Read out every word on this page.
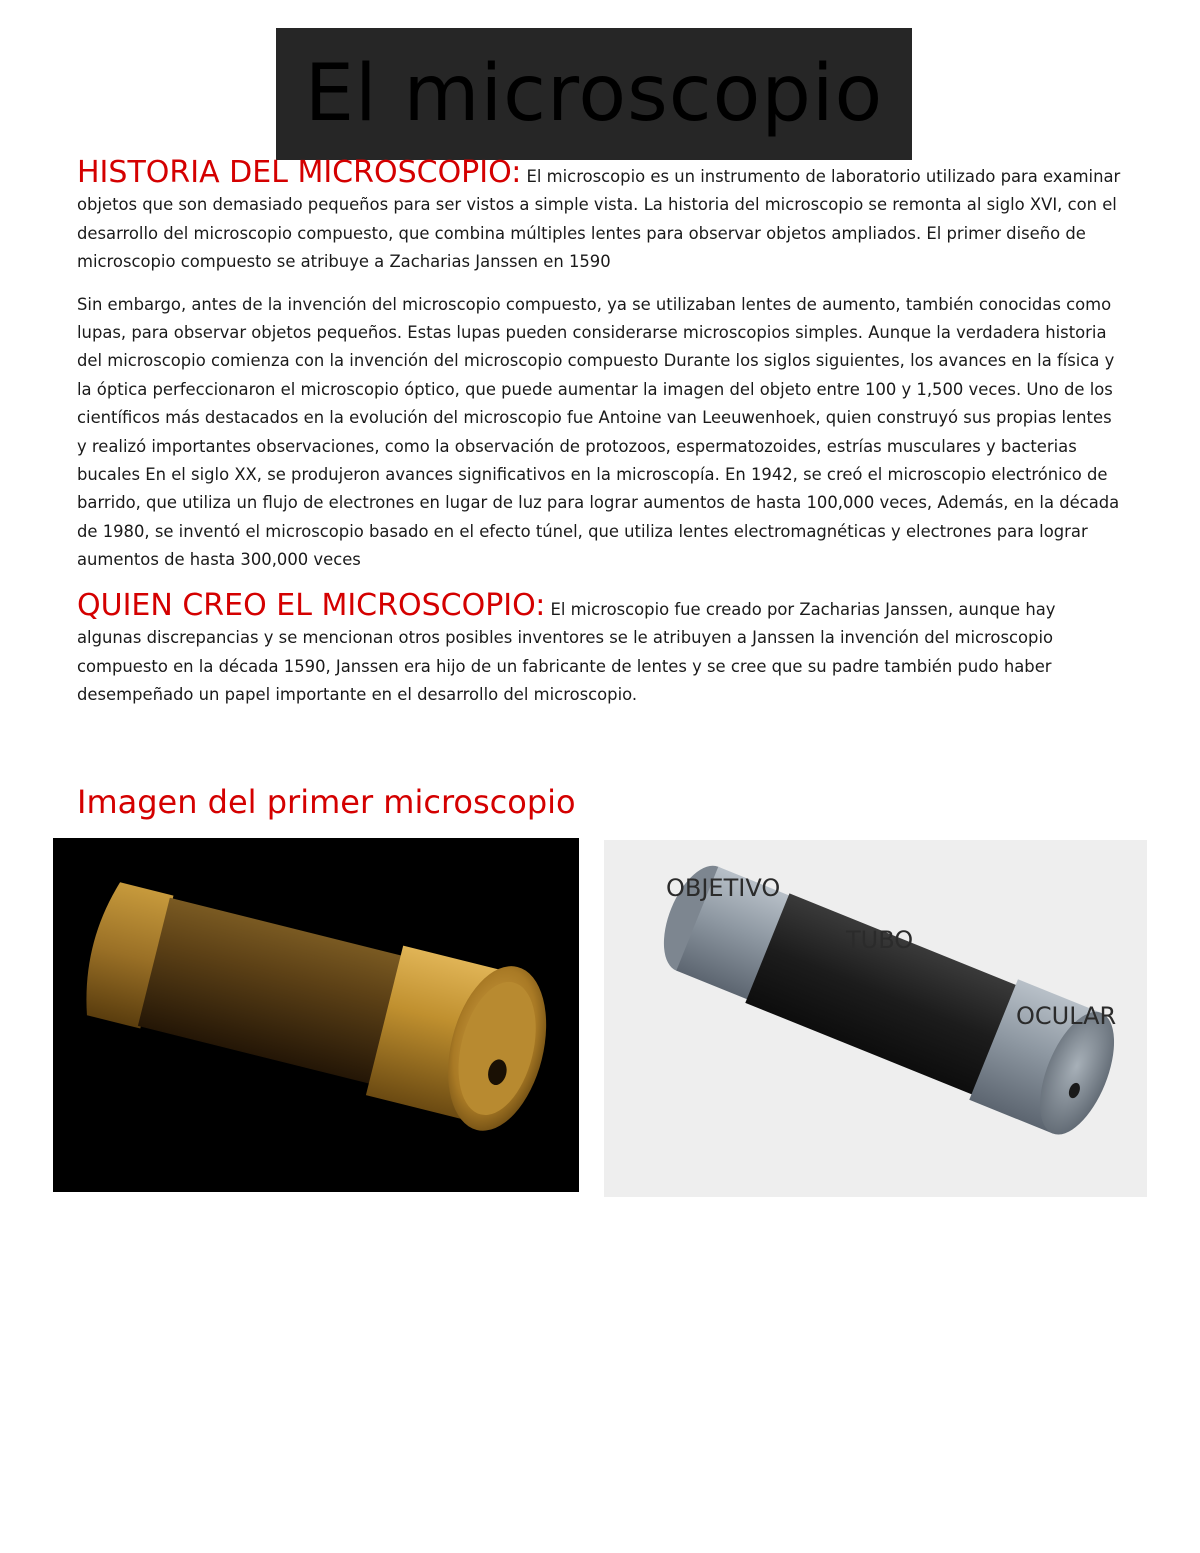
El microscopio

HISTORIA DEL MICROSCOPIO: El microscopio es un instrumento de laboratorio utilizado para examinar objetos que son demasiado pequeños para ser vistos a simple vista. La historia del microscopio se remonta al siglo XVI, con el desarrollo del microscopio compuesto, que combina múltiples lentes para observar objetos ampliados. El primer diseño de microscopio compuesto se atribuye a Zacharias Janssen en 1590

Sin embargo, antes de la invención del microscopio compuesto, ya se utilizaban lentes de aumento, también conocidas como lupas, para observar objetos pequeños. Estas lupas pueden considerarse microscopios simples. Aunque la verdadera historia del microscopio comienza con la invención del microscopio compuesto Durante los siglos siguientes, los avances en la física y la óptica perfeccionaron el microscopio óptico, que puede aumentar la imagen del objeto entre 100 y 1,500 veces. Uno de los científicos más destacados en la evolución del microscopio fue Antoine van Leeuwenhoek, quien construyó sus propias lentes y realizó importantes observaciones, como la observación de protozoos, espermatozoides, estrías musculares y bacterias bucales En el siglo XX, se produjeron avances significativos en la microscopía. En 1942, se creó el microscopio electrónico de barrido, que utiliza un flujo de electrones en lugar de luz para lograr aumentos de hasta 100,000 veces, Además, en la década de 1980, se inventó el microscopio basado en el efecto túnel, que utiliza lentes electromagnéticas y electrones para lograr aumentos de hasta 300,000 veces

QUIEN CREO EL MICROSCOPIO: El microscopio fue creado por Zacharias Janssen, aunque hay algunas discrepancias y se mencionan otros posibles inventores se le atribuyen a Janssen la invención del microscopio compuesto en la década 1590, Janssen era hijo de un fabricante de lentes y se cree que su padre también pudo haber desempeñado un papel importante en el desarrollo del microscopio.

Imagen del primer microscopio
OBJETIVO
TUBO
OCULAR
